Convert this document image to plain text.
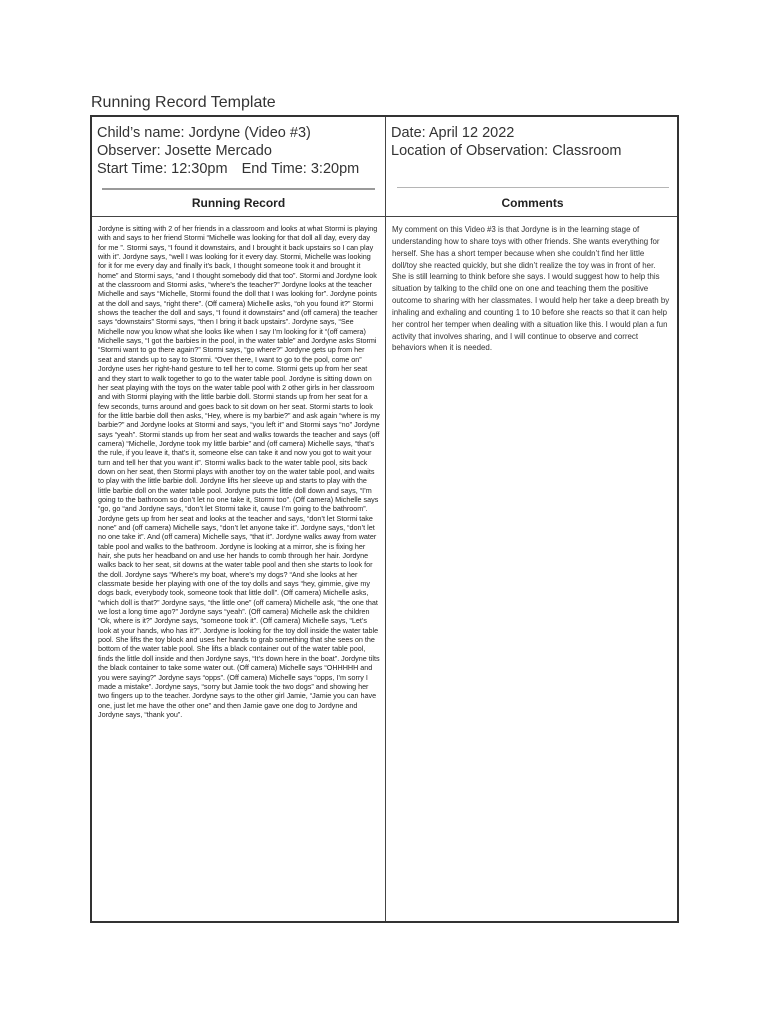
Running Record Template
Child’s name: Jordyne (Video #3)
Observer: Josette Mercado
Start Time: 12:30pm End Time: 3:20pm
Date: April 12 2022
Location of Observation: Classroom
Running Record	Comments

Jordyne is sitting with 2 of her friends in a classroom and looks at what Stormi is playing with and says to her friend Stormi “Michelle was looking for that doll all day, every day for me ”. Stormi says, “I found it downstairs, and I brought it back upstairs so I can play with it”. Jordyne says, “well I was looking for it every day. Stormi, Michelle was looking for it for me every day and finally it’s back, I thought someone took it and brought it home” and Stormi says, “and I thought somebody did that too”. Stormi and Jordyne look at the classroom and Stormi asks, “where’s the teacher?” Jordyne looks at the teacher Michelle and says “Michelle, Stormi found the doll that I was looking for”. Jordyne points at the doll and says, “right there”. (Off camera) Michelle asks, “oh you found it?” Stormi shows the teacher the doll and says, “I found it downstairs” and (off camera) the teacher says “downstairs” Stormi says, “then I bring it back upstairs”. Jordyne says, “See Michelle now you know what she looks like when I say I’m looking for it “(off camera) Michelle says, “I got the barbies in the pool, in the water table” and Jordyne asks Stormi “Stormi want to go there again?” Stormi says, “go where?” Jordyne gets up from her seat and stands up to say to Stormi. “Over there, I want to go to the pool, come on” Jordyne uses her right-hand gesture to tell her to come. Stormi gets up from her seat and they start to walk together to go to the water table pool. Jordyne is sitting down on her seat playing with the toys on the water table pool with 2 other girls in her classroom and with Stormi playing with the little barbie doll. Stormi stands up from her seat for a few seconds, turns around and goes back to sit down on her seat. Stormi starts to look for the little barbie doll then asks, “Hey, where is my barbie?” and ask again “where is my barbie?” and Jordyne looks at Stormi and says, “you left it” and Stormi says “no” Jordyne says “yeah”. Stormi stands up from her seat and walks towards the teacher and says (off camera) “Michelle, Jordyne took my little barbie” and (off camera) Michelle says, “that’s the rule, if you leave it, that’s it, someone else can take it and now you got to wait your turn and tell her that you want it”. Stormi walks back to the water table pool, sits back down on her seat, then Stormi plays with another toy on the water table pool, and waits to play with the little barbie doll. Jordyne lifts her sleeve up and starts to play with the little barbie doll on the water table pool. Jordyne puts the little doll down and says, “I’m going to the bathroom so don’t let no one take it, Stormi too”. (Off camera) Michelle says “go, go “and Jordyne says, “don’t let Stormi take it, cause I’m going to the bathroom”. Jordyne gets up from her seat and looks at the teacher and says, “don’t let Stormi take none” and (off camera) Michelle says, “don’t let anyone take it”. Jordyne says, “don’t let no one take it”. And (off camera) Michelle says, “that it”. Jordyne walks away from water table pool and walks to the bathroom. Jordyne is looking at a mirror, she is fixing her hair, she puts her headband on and use her hands to comb through her hair. Jordyne walks back to her seat, sit downs at the water table pool and then she starts to look for the doll. Jordyne says “Where’s my boat, where’s my dogs? “And she looks at her classmate beside her playing with one of the toy dolls and says “hey, gimmie, give my dogs back, everybody took, someone took that little doll”. (Off camera) Michelle asks, “which doll is that?” Jordyne says, “the little one” (off camera) Michelle ask, “the one that we lost a long time ago?” Jordyne says “yeah”. (Off camera) Michelle ask the children “Ok, where is it?” Jordyne says, “someone took it”. (Off camera) Michelle says, “Let’s look at your hands, who has it?”. Jordyne is looking for the toy doll inside the water table pool. She lifts the toy block and uses her hands to grab something that she sees on the bottom of the water table pool. She lifts a black container out of the water table pool, finds the little doll inside and then Jordyne says, “It’s down here in the boat”. Jordyne tilts the black container to take some water out. (Off camera) Michelle says “OHHHHH and you were saying?” Jordyne says “opps”. (Off camera) Michelle says “opps, I’m sorry I made a mistake”. Jordyne says, “sorry but Jamie took the two dogs” and showing her two fingers up to the teacher. Jordyne says to the other girl Jamie, “Jamie you can have one, just let me have the other one” and then Jamie gave one dog to Jordyne and Jordyne says, “thank you”.

My comment on this Video #3 is that Jordyne is in the learning stage of understanding how to share toys with other friends. She wants everything for herself. She has a short temper because when she couldn’t find her little doll/toy she reacted quickly, but she didn’t realize the toy was in front of her. She is still learning to think before she says. I would suggest how to help this situation by talking to the child one on one and teaching them the positive outcome to sharing with her classmates. I would help her take a deep breath by inhaling and exhaling and counting 1 to 10 before she reacts so that it can help her control her temper when dealing with a situation like this. I would plan a fun activity that involves sharing, and I will continue to observe and correct behaviors when it is needed.
